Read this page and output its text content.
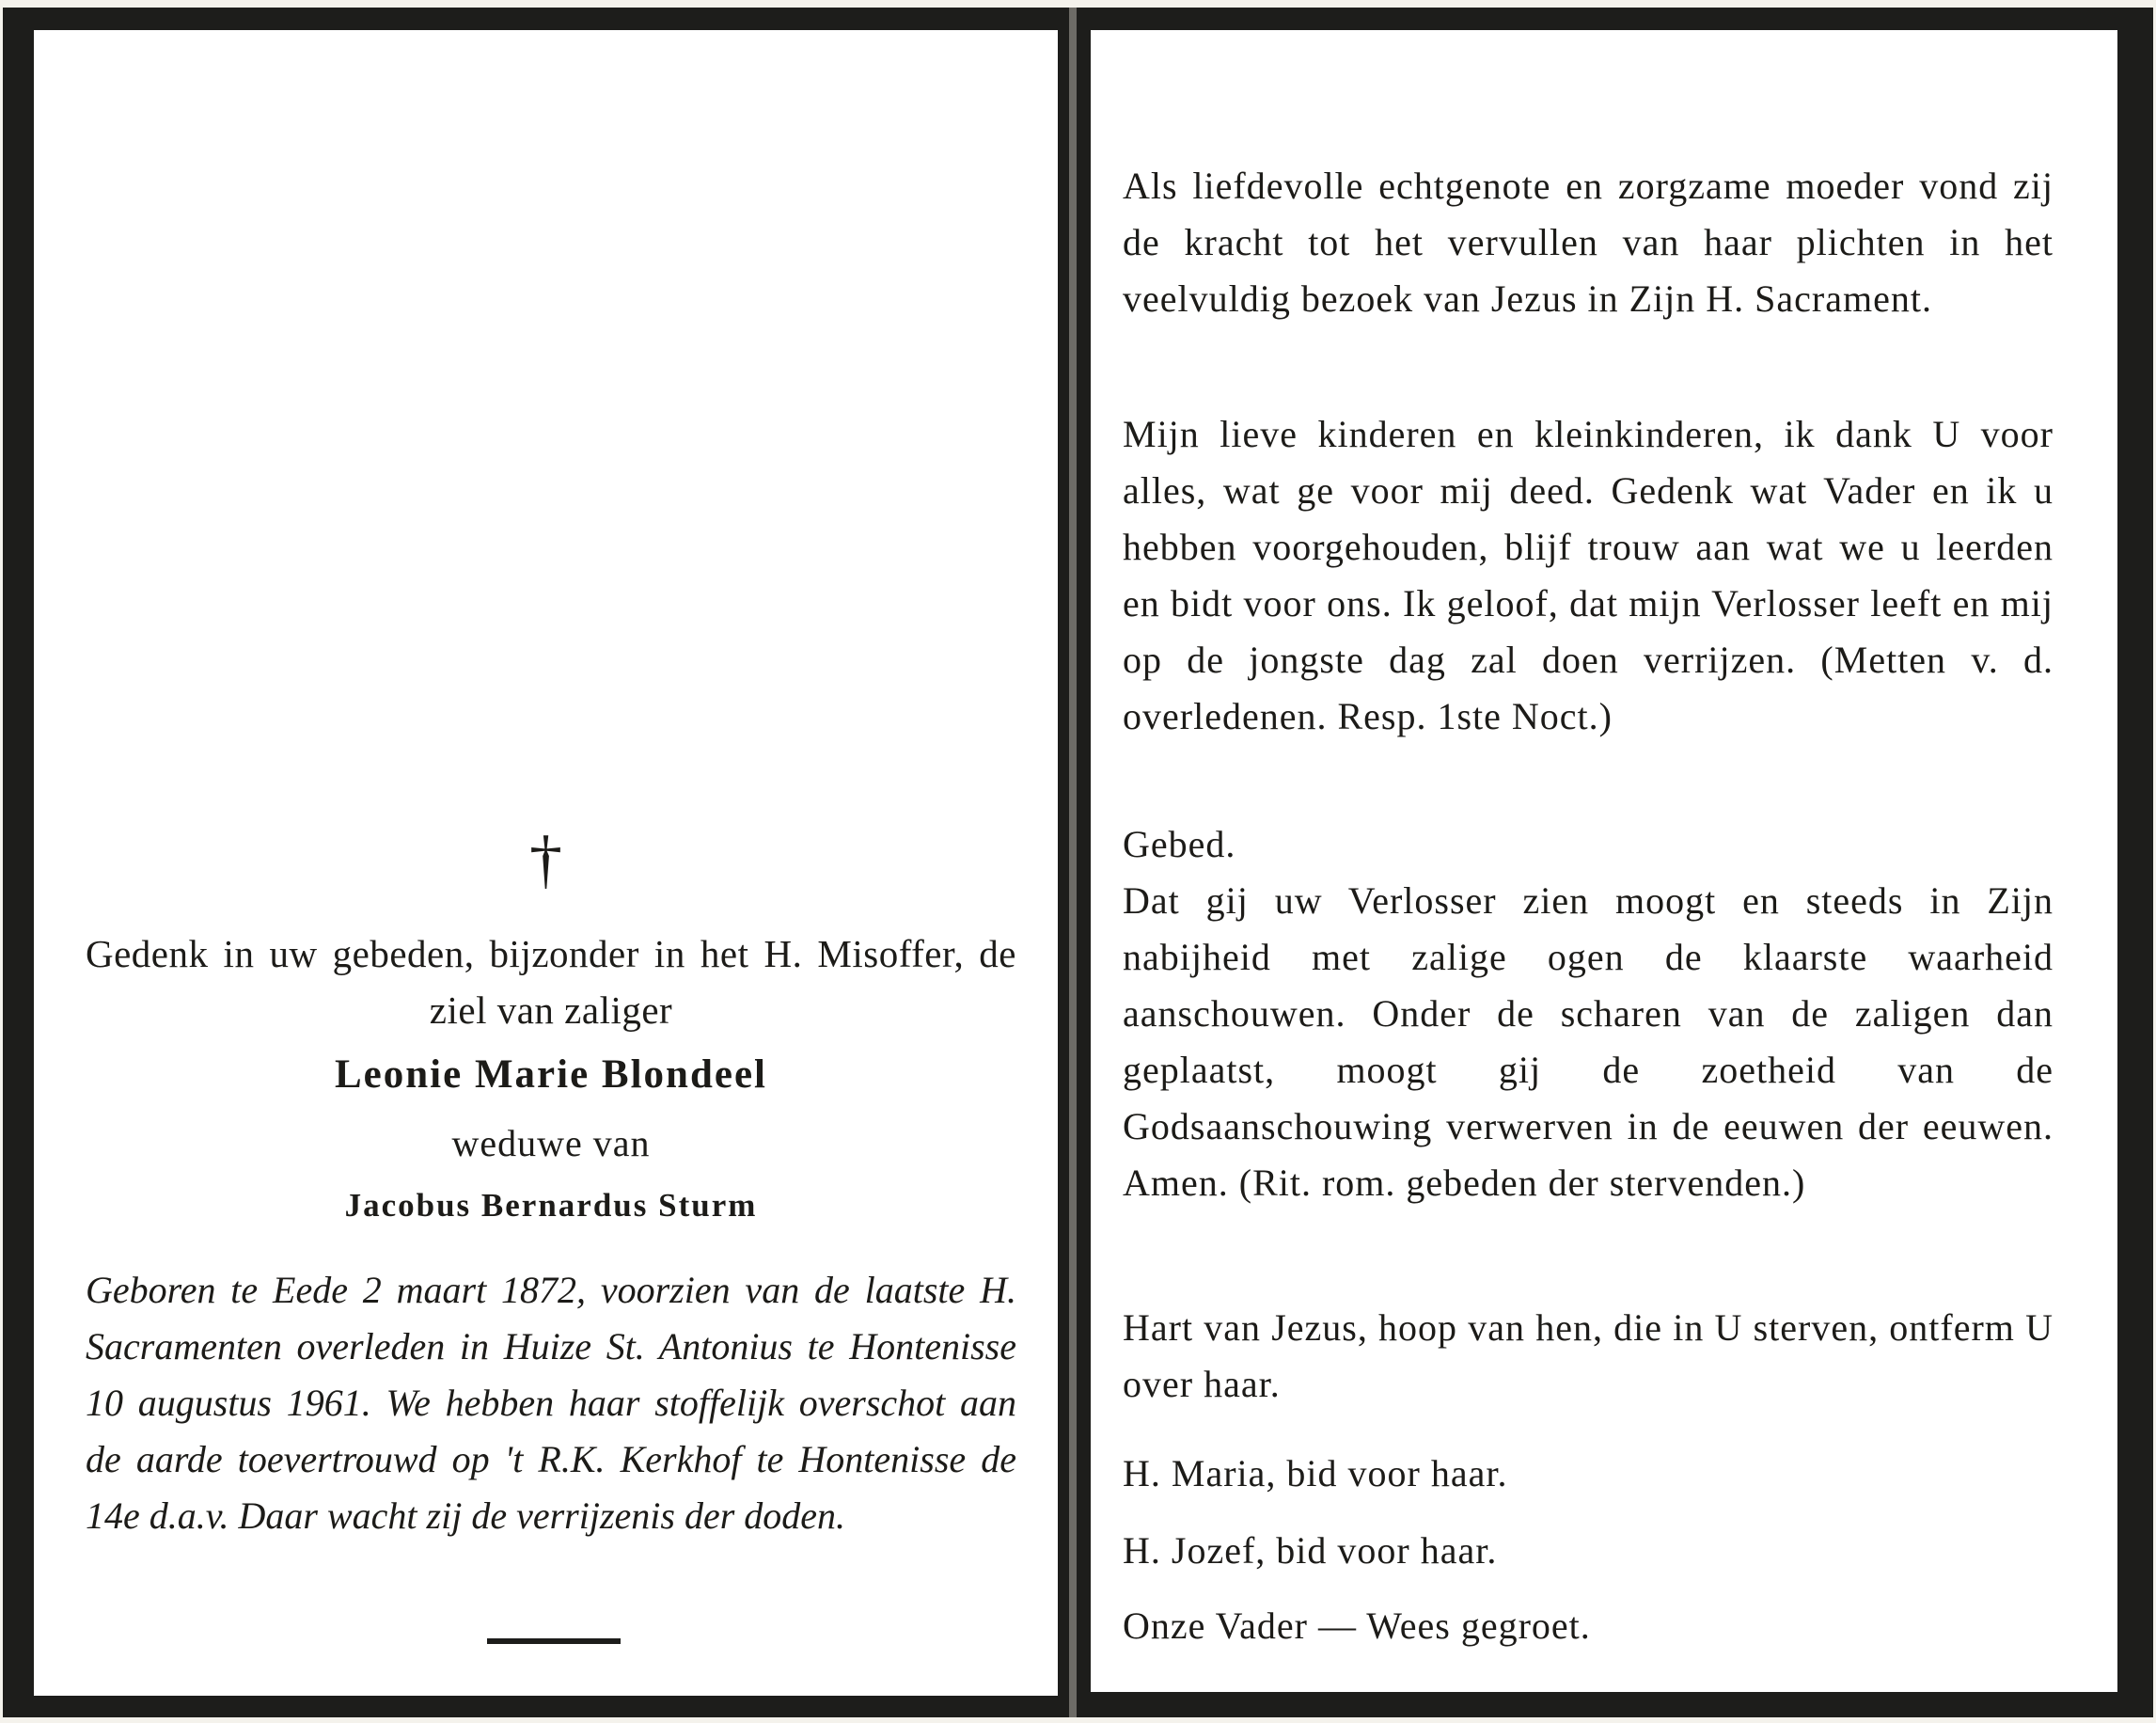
†
Gedenk in uw gebeden, bijzonder in het H. Misoffer, de ziel van zaliger
Leonie Marie Blondeel
weduwe van
Jacobus Bernardus Sturm
Geboren te Eede 2 maart 1872, voorzien van de laatste H. Sacramenten overleden in Huize St. Antonius te Hontenisse 10 augustus 1961. We hebben haar stoffelijk overschot aan de aarde toevertrouwd op 't R.K. Kerkhof te Hontenisse de 14e d.a.v. Daar wacht zij de verrijzenis der doden.
Als liefdevolle echtgenote en zorgzame moeder vond zij de kracht tot het vervullen van haar plichten in het veelvuldig bezoek van Jezus in Zijn H. Sacrament.
Mijn lieve kinderen en kleinkinderen, ik dank U voor alles, wat ge voor mij deed. Gedenk wat Vader en ik u hebben voorgehouden, blijf trouw aan wat we u leerden en bidt voor ons. Ik geloof, dat mijn Verlosser leeft en mij op de jongste dag zal doen verrijzen. (Metten v. d. overledenen. Resp. 1ste Noct.)
Gebed.
Dat gij uw Verlosser zien moogt en steeds in Zijn nabijheid met zalige ogen de klaarste waarheid aanschouwen. Onder de scharen van de zaligen dan geplaatst, moogt gij de zoetheid van de Godsaanschouwing verwerven in de eeuwen der eeuwen. Amen. (Rit. rom. gebeden der stervenden.)
Hart van Jezus, hoop van hen, die in U sterven, ontferm U over haar.
H. Maria, bid voor haar.
H. Jozef, bid voor haar.
Onze Vader — Wees gegroet.
